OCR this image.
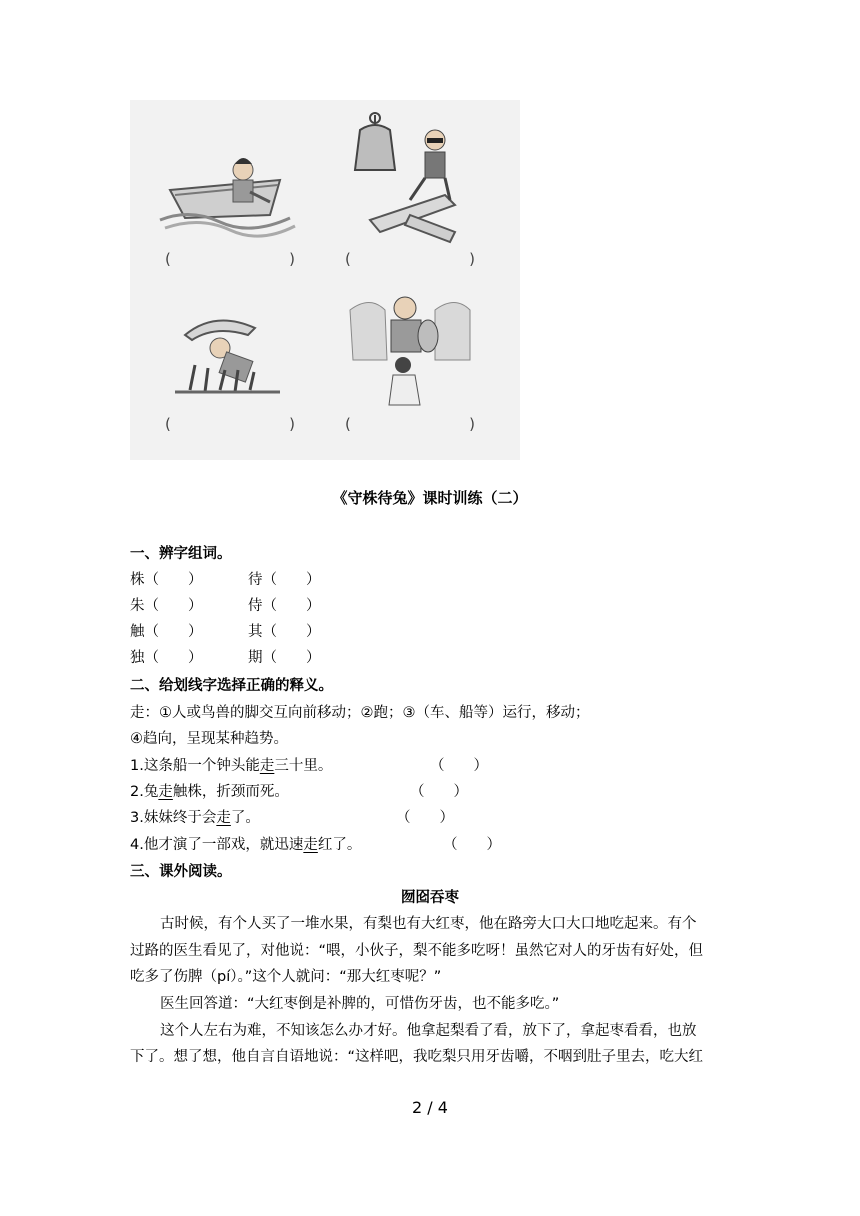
(	)	(	)
(	)	(	)
《守株待兔》课时训练（二）
一、辨字组词。
株（　　）	待（　　）
朱（　　）	侍（　　）
触（　　）	其（　　）
独（　　）	期（　　）
二、给划线字选择正确的释义。
走：①人或鸟兽的脚交互向前移动；②跑；③（车、船等）运行，移动；
④趋向，呈现某种趋势。
1.这条船一个钟头能走三十里。	（　　）
2.兔走触株，折颈而死。	（　　）
3.妹妹终于会走了。	（　　）
4.他才演了一部戏，就迅速走红了。	（　　）
三、课外阅读。
囫囵吞枣
古时候，有个人买了一堆水果，有梨也有大红枣，他在路旁大口大口地吃起来。有个
过路的医生看见了，对他说：“喂，小伙子，梨不能多吃呀！虽然它对人的牙齿有好处，但
吃多了伤脾（pí）。”这个人就问：“那大红枣呢？”
医生回答道：“大红枣倒是补脾的，可惜伤牙齿，也不能多吃。”
这个人左右为难，不知该怎么办才好。他拿起梨看了看，放下了，拿起枣看看，也放
下了。想了想，他自言自语地说：“这样吧，我吃梨只用牙齿嚼，不咽到肚子里去，吃大红
2 / 4
